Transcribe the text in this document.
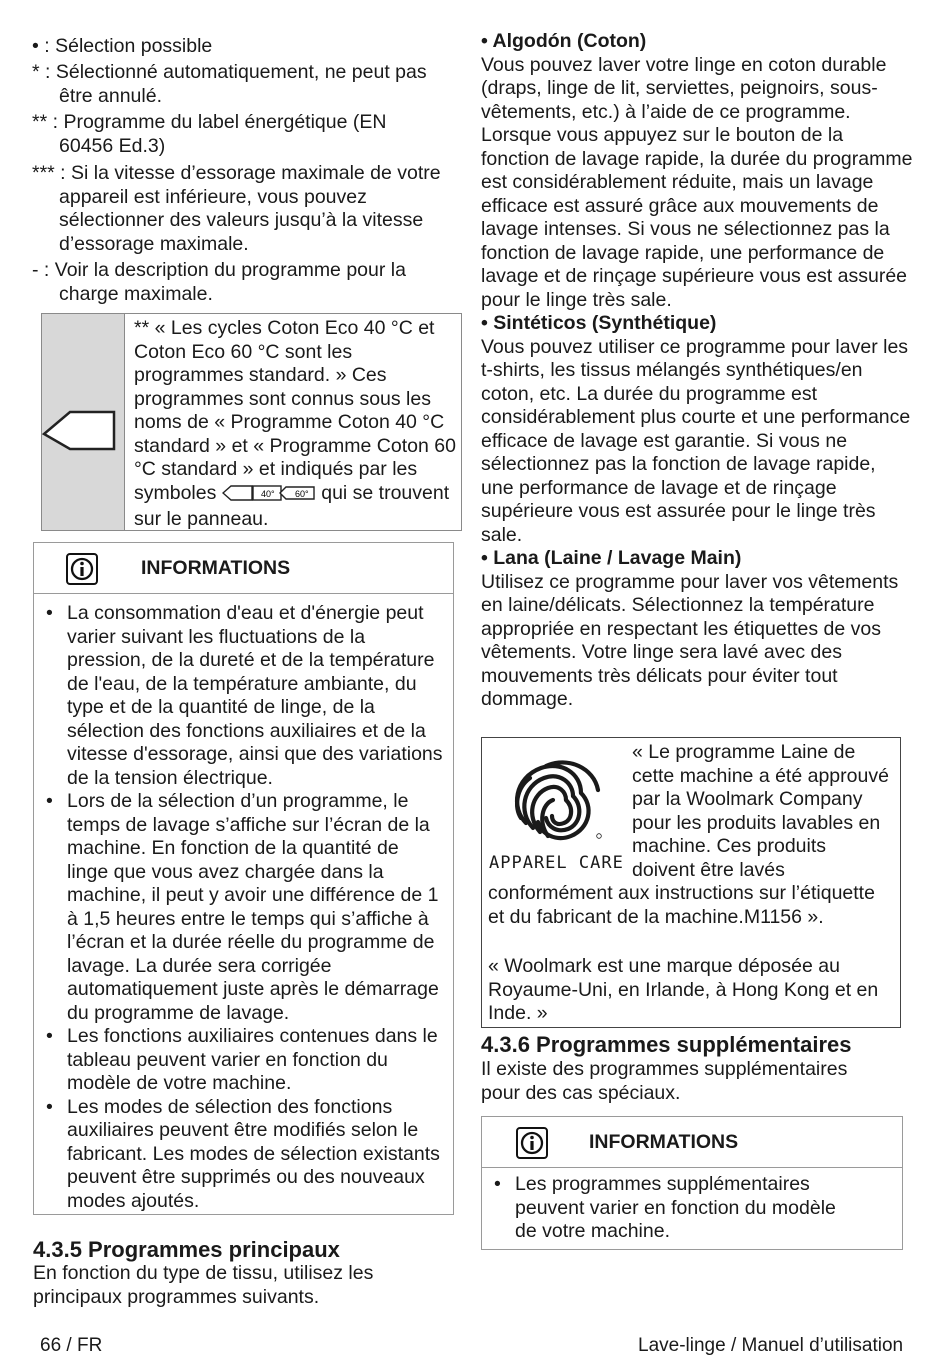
• : Sélection possible
* : Sélectionné automatiquement, ne peut pas être annulé.
** : Programme du label énergétique (EN 60456 Ed.3)
*** : Si la vitesse d’essorage maximale de votre appareil est inférieure, vous pouvez sélectionner des valeurs jusqu’à la vitesse d’essorage maximale.
- : Voir la description du programme pour la charge maximale.
** « Les cycles Coton Eco 40 °C et Coton Eco 60 °C sont les programmes standard. » Ces programmes sont connus sous les noms de « Programme Coton 40 °C standard » et « Programme Coton 60 °C standard » et indiqués par les symboles	40° 60° qui se trouvent sur le panneau.
INFORMATIONS
• La consommation d'eau et d'énergie peut varier suivant les fluctuations de la pression, de la dureté et de la température de l'eau, de la température ambiante, du type et de la quantité de linge, de la sélection des fonctions auxiliaires et de la vitesse d'essorage, ainsi que des variations de la tension électrique.
• Lors de la sélection d’un programme, le temps de lavage s’affiche sur l’écran de la machine. En fonction de la quantité de linge que vous avez chargée dans la machine, il peut y avoir une différence de 1 à 1,5 heures entre le temps qui s’affiche à l’écran et la durée réelle du programme de lavage. La durée sera corrigée automatiquement juste après le démarrage du programme de lavage.
• Les fonctions auxiliaires contenues dans le tableau peuvent varier en fonction du modèle de votre machine.
• Les modes de sélection des fonctions auxiliaires peuvent être modifiés selon le fabricant. Les modes de sélection existants peuvent être supprimés ou des nouveaux modes ajoutés.
4.3.5 Programmes principaux

En fonction du type de tissu, utilisez les principaux programmes suivants.

• Algodón (Coton)

Vous pouvez laver votre linge en coton durable (draps, linge de lit, serviettes, peignoirs, sous-vêtements, etc.) à l’aide de ce programme. Lorsque vous appuyez sur le bouton de la fonction de lavage rapide, la durée du programme est considérablement réduite, mais un lavage efficace est assuré grâce aux mouvements de lavage intenses. Si vous ne sélectionnez pas la fonction de lavage rapide, une performance de lavage et de rinçage supérieure vous est assurée pour le linge très sale.

• Sintéticos (Synthétique)

Vous pouvez utiliser ce programme pour laver les t-shirts, les tissus mélangés synthétiques/en coton, etc. La durée du programme est considérablement plus courte et une performance efficace de lavage est garantie. Si vous ne sélectionnez pas la fonction de lavage rapide, une performance de lavage et de rinçage supérieure vous est assurée pour le linge très sale.

• Lana (Laine / Lavage Main)

Utilisez ce programme pour laver vos vêtements en laine/délicats. Sélectionnez la température appropriée en respectant les étiquettes de vos vêtements. Votre linge sera lavé avec des mouvements très délicats pour éviter tout dommage.

APPAREL CARE
« Le programme Laine de cette machine a été approuvé par la Woolmark Company pour les produits lavables en machine. Ces produits doivent être lavés
conformément aux instructions sur l’étiquette et du fabricant de la machine.M1156 ».
« Woolmark est une marque déposée au Royaume-Uni, en Irlande, à Hong Kong et en Inde. »
4.3.6 Programmes supplémentaires

Il existe des programmes supplémentaires pour des cas spéciaux.

INFORMATIONS
• Les programmes supplémentaires peuvent varier en fonction du modèle de votre machine.
66 / FR	Lave-linge / Manuel d’utilisation
